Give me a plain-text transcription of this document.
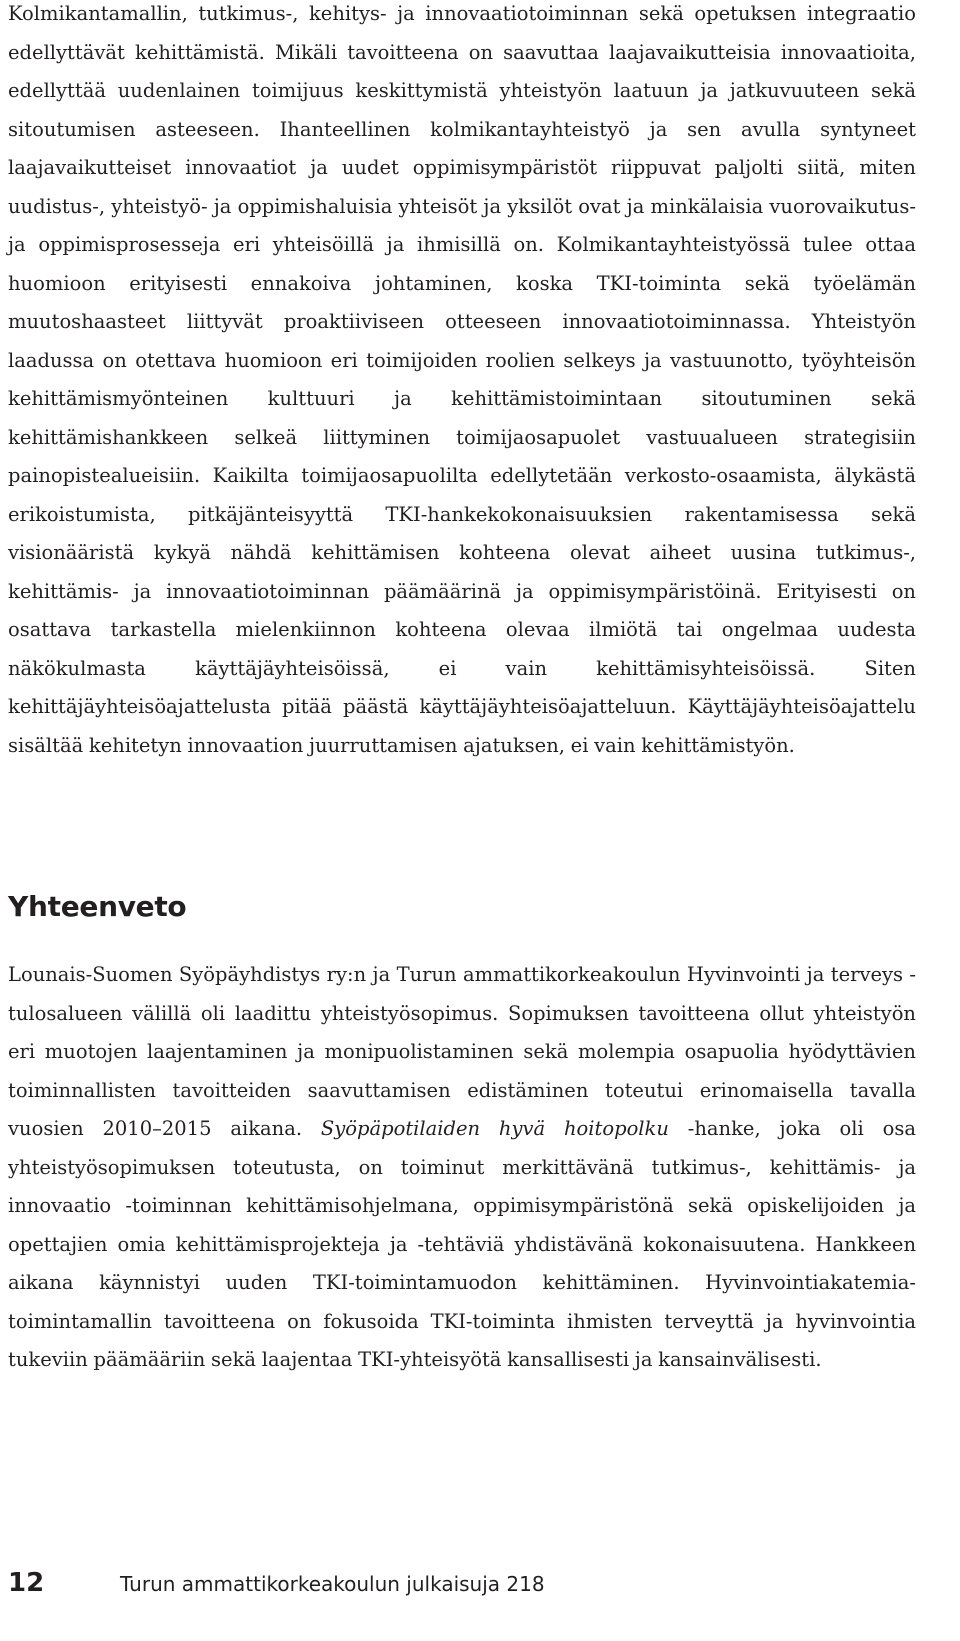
Kolmikantamallin, tutkimus-, kehitys- ja innovaatiotoiminnan sekä opetuksen integraatio edellyttävät kehittämistä. Mikäli tavoitteena on saavuttaa laajavaikutteisia innovaatioita, edellyttää uudenlainen toimijuus keskittymistä yhteistyön laatuun ja jatkuvuuteen sekä sitoutumisen asteeseen. Ihanteellinen kolmikantayhteistyö ja sen avulla syntyneet laajavaikutteiset innovaatiot ja uudet oppimisympäristöt riippuvat paljolti siitä, miten uudistus-, yhteistyö- ja oppimishaluisia yhteisöt ja yksilöt ovat ja minkälaisia vuorovaikutus- ja oppimisprosesseja eri yhteisöillä ja ihmisillä on. Kolmikantayhteistyössä tulee ottaa huomioon erityisesti ennakoiva johtaminen, koska TKI-toiminta sekä työelämän muutoshaasteet liittyvät proaktiiviseen otteeseen innovaatiotoiminnassa. Yhteistyön laadussa on otettava huomioon eri toimijoiden roolien selkeys ja vastuunotto, työyhteisön kehittämismyönteinen kulttuuri ja kehittämistoimintaan sitoutuminen sekä kehittämishankkeen selkeä liittyminen toimijaosapuolet vastuualueen strategisiin painopistealueisiin. Kaikilta toimijaosapuolilta edellytetään verkosto-osaamista, älykästä erikoistumista, pitkäjänteisyyttä TKI-hankekokonaisuuksien rakentamisessa sekä visionääristä kykyä nähdä kehittämisen kohteena olevat aiheet uusina tutkimus-, kehittämis- ja innovaatiotoiminnan päämäärinä ja oppimisympäristöinä. Erityisesti on osattava tarkastella mielenkiinnon kohteena olevaa ilmiötä tai ongelmaa uudesta näkökulmasta käyttäjäyhteisöissä, ei vain kehittämisyhteisöissä. Siten kehittäjäyhteisöajattelusta pitää päästä käyttäjäyhteisöajatteluun. Käyttäjäyhteisöajattelu sisältää kehitetyn innovaation juurruttamisen ajatuksen, ei vain kehittämistyön.

Yhteenveto

Lounais-Suomen Syöpäyhdistys ry:n ja Turun ammattikorkeakoulun Hyvinvointi ja terveys - tulosalueen välillä oli laadittu yhteistyösopimus. Sopimuksen tavoitteena ollut yhteistyön eri muotojen laajentaminen ja monipuolistaminen sekä molempia osapuolia hyödyttävien toiminnallisten tavoitteiden saavuttamisen edistäminen toteutui erinomaisella tavalla vuosien 2010–2015 aikana. Syöpäpotilaiden hyvä hoitopolku -hanke, joka oli osa yhteistyösopimuksen toteutusta, on toiminut merkittävänä tutkimus-, kehittämis- ja innovaatio -toiminnan kehittämisohjelmana, oppimisympäristönä sekä opiskelijoiden ja opettajien omia kehittämisprojekteja ja -tehtäviä yhdistävänä kokonaisuutena. Hankkeen aikana käynnistyi uuden TKI-toimintamuodon kehittäminen. Hyvinvointiakatemia-toimintamallin tavoitteena on fokusoida TKI-toiminta ihmisten terveyttä ja hyvinvointia tukeviin päämääriin sekä laajentaa TKI-yhteisyötä kansallisesti ja kansainvälisesti.

12	Turun ammattikorkeakoulun julkaisuja 218
